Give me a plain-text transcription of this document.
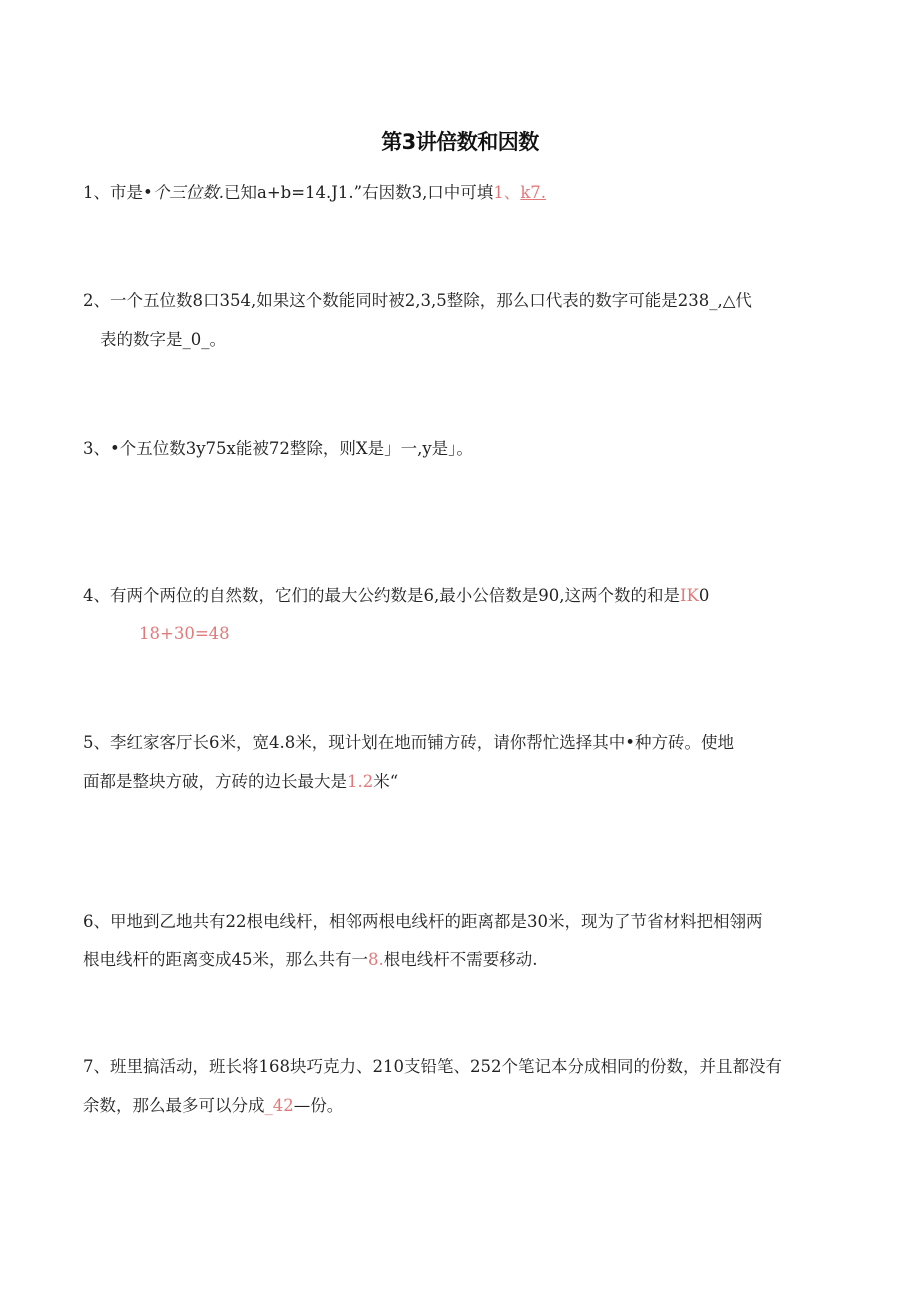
第3讲倍数和因数
1、市是•个三位数.已知a+b=14.J1.”右因数3,口中可填1、k7.
2、一个五位数8口354,如果这个数能同时被2,3,5整除，那么口代表的数字可能是238_,△代
表的数字是_0_。
3、•个五位数3y75x能被72整除，则X是」一,y是」。
4、有两个两位的自然数，它们的最大公约数是6,最小公倍数是90,这两个数的和是IK0
18+30=48
5、李红家客厅长6米，宽4.8米，现计划在地而铺方砖，请你帮忙选择其中•种方砖。使地
面都是整块方破，方砖的边长最大是1.2米“
6、甲地到乙地共有22根电线杆，相邻两根电线杆的距离都是30米，现为了节省材料把相翎两
根电线杆的距离变成45米，那么共有一8.根电线杆不需要移动.
7、班里搞活动，班长将168块巧克力、210支铅笔、252个笔记本分成相同的份数，并且都没有
余数，那么最多可以分成_42—份。
